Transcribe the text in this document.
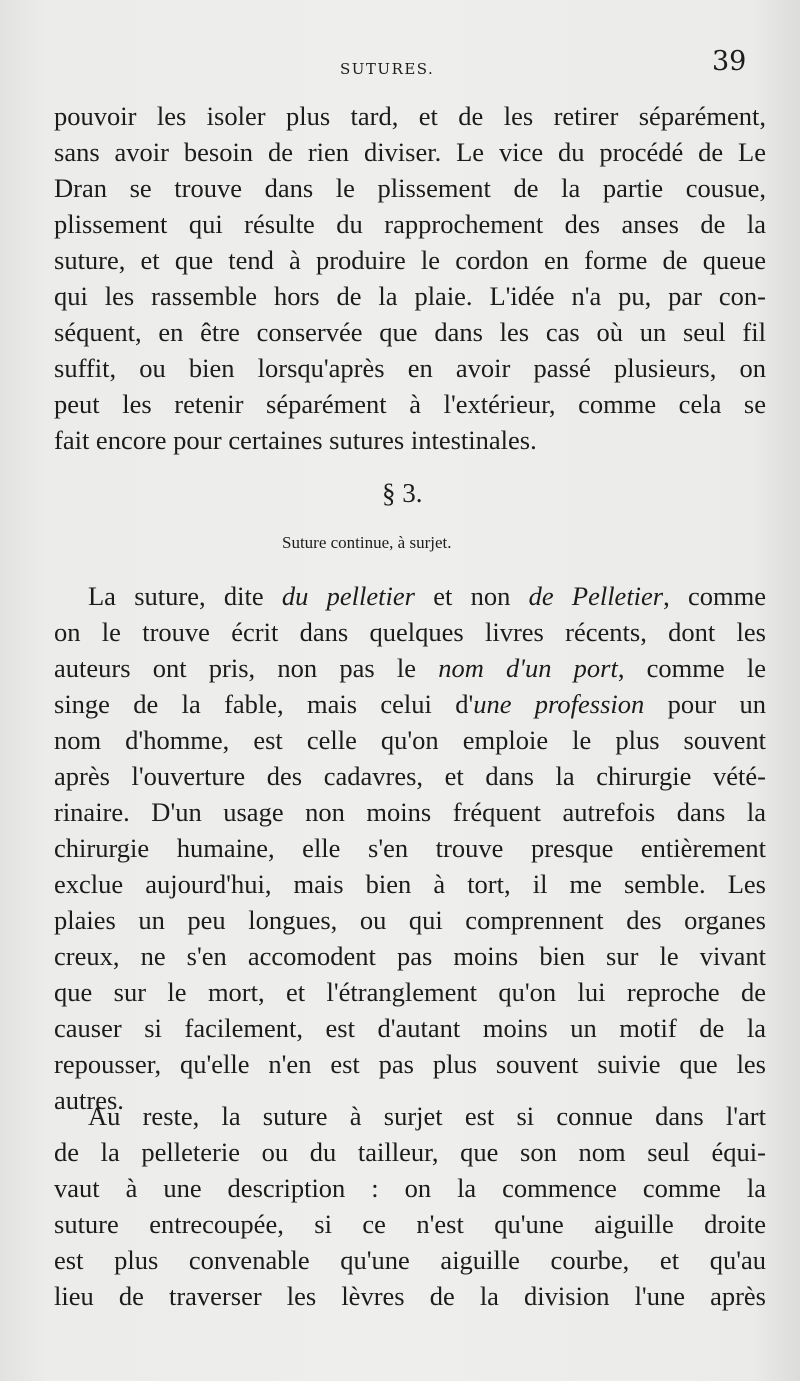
SUTURES.	39

pouvoir les isoler plus tard, et de les retirer séparément,
sans avoir besoin de rien diviser. Le vice du procédé de Le
Dran se trouve dans le plissement de la partie cousue,
plissement qui résulte du rapprochement des anses de la
suture, et que tend à produire le cordon en forme de queue
qui les rassemble hors de la plaie. L'idée n'a pu, par con-
séquent, en être conservée que dans les cas où un seul fil
suffit, ou bien lorsqu'après en avoir passé plusieurs, on
peut les retenir séparément à l'extérieur, comme cela se
fait encore pour certaines sutures intestinales.

§ 3.
Suture continue, à surjet.

La suture, dite du pelletier et non de Pelletier, comme
on le trouve écrit dans quelques livres récents, dont les
auteurs ont pris, non pas le nom d'un port, comme le
singe de la fable, mais celui d'une profession pour un
nom d'homme, est celle qu'on emploie le plus souvent
après l'ouverture des cadavres, et dans la chirurgie vété-
rinaire. D'un usage non moins fréquent autrefois dans la
chirurgie humaine, elle s'en trouve presque entièrement
exclue aujourd'hui, mais bien à tort, il me semble. Les
plaies un peu longues, ou qui comprennent des organes
creux, ne s'en accomodent pas moins bien sur le vivant
que sur le mort, et l'étranglement qu'on lui reproche de
causer si facilement, est d'autant moins un motif de la
repousser, qu'elle n'en est pas plus souvent suivie que les
autres.

Au reste, la suture à surjet est si connue dans l'art
de la pelleterie ou du tailleur, que son nom seul équi-
vaut à une description : on la commence comme la
suture entrecoupée, si ce n'est qu'une aiguille droite
est plus convenable qu'une aiguille courbe, et qu'au
lieu de traverser les lèvres de la division l'une après
